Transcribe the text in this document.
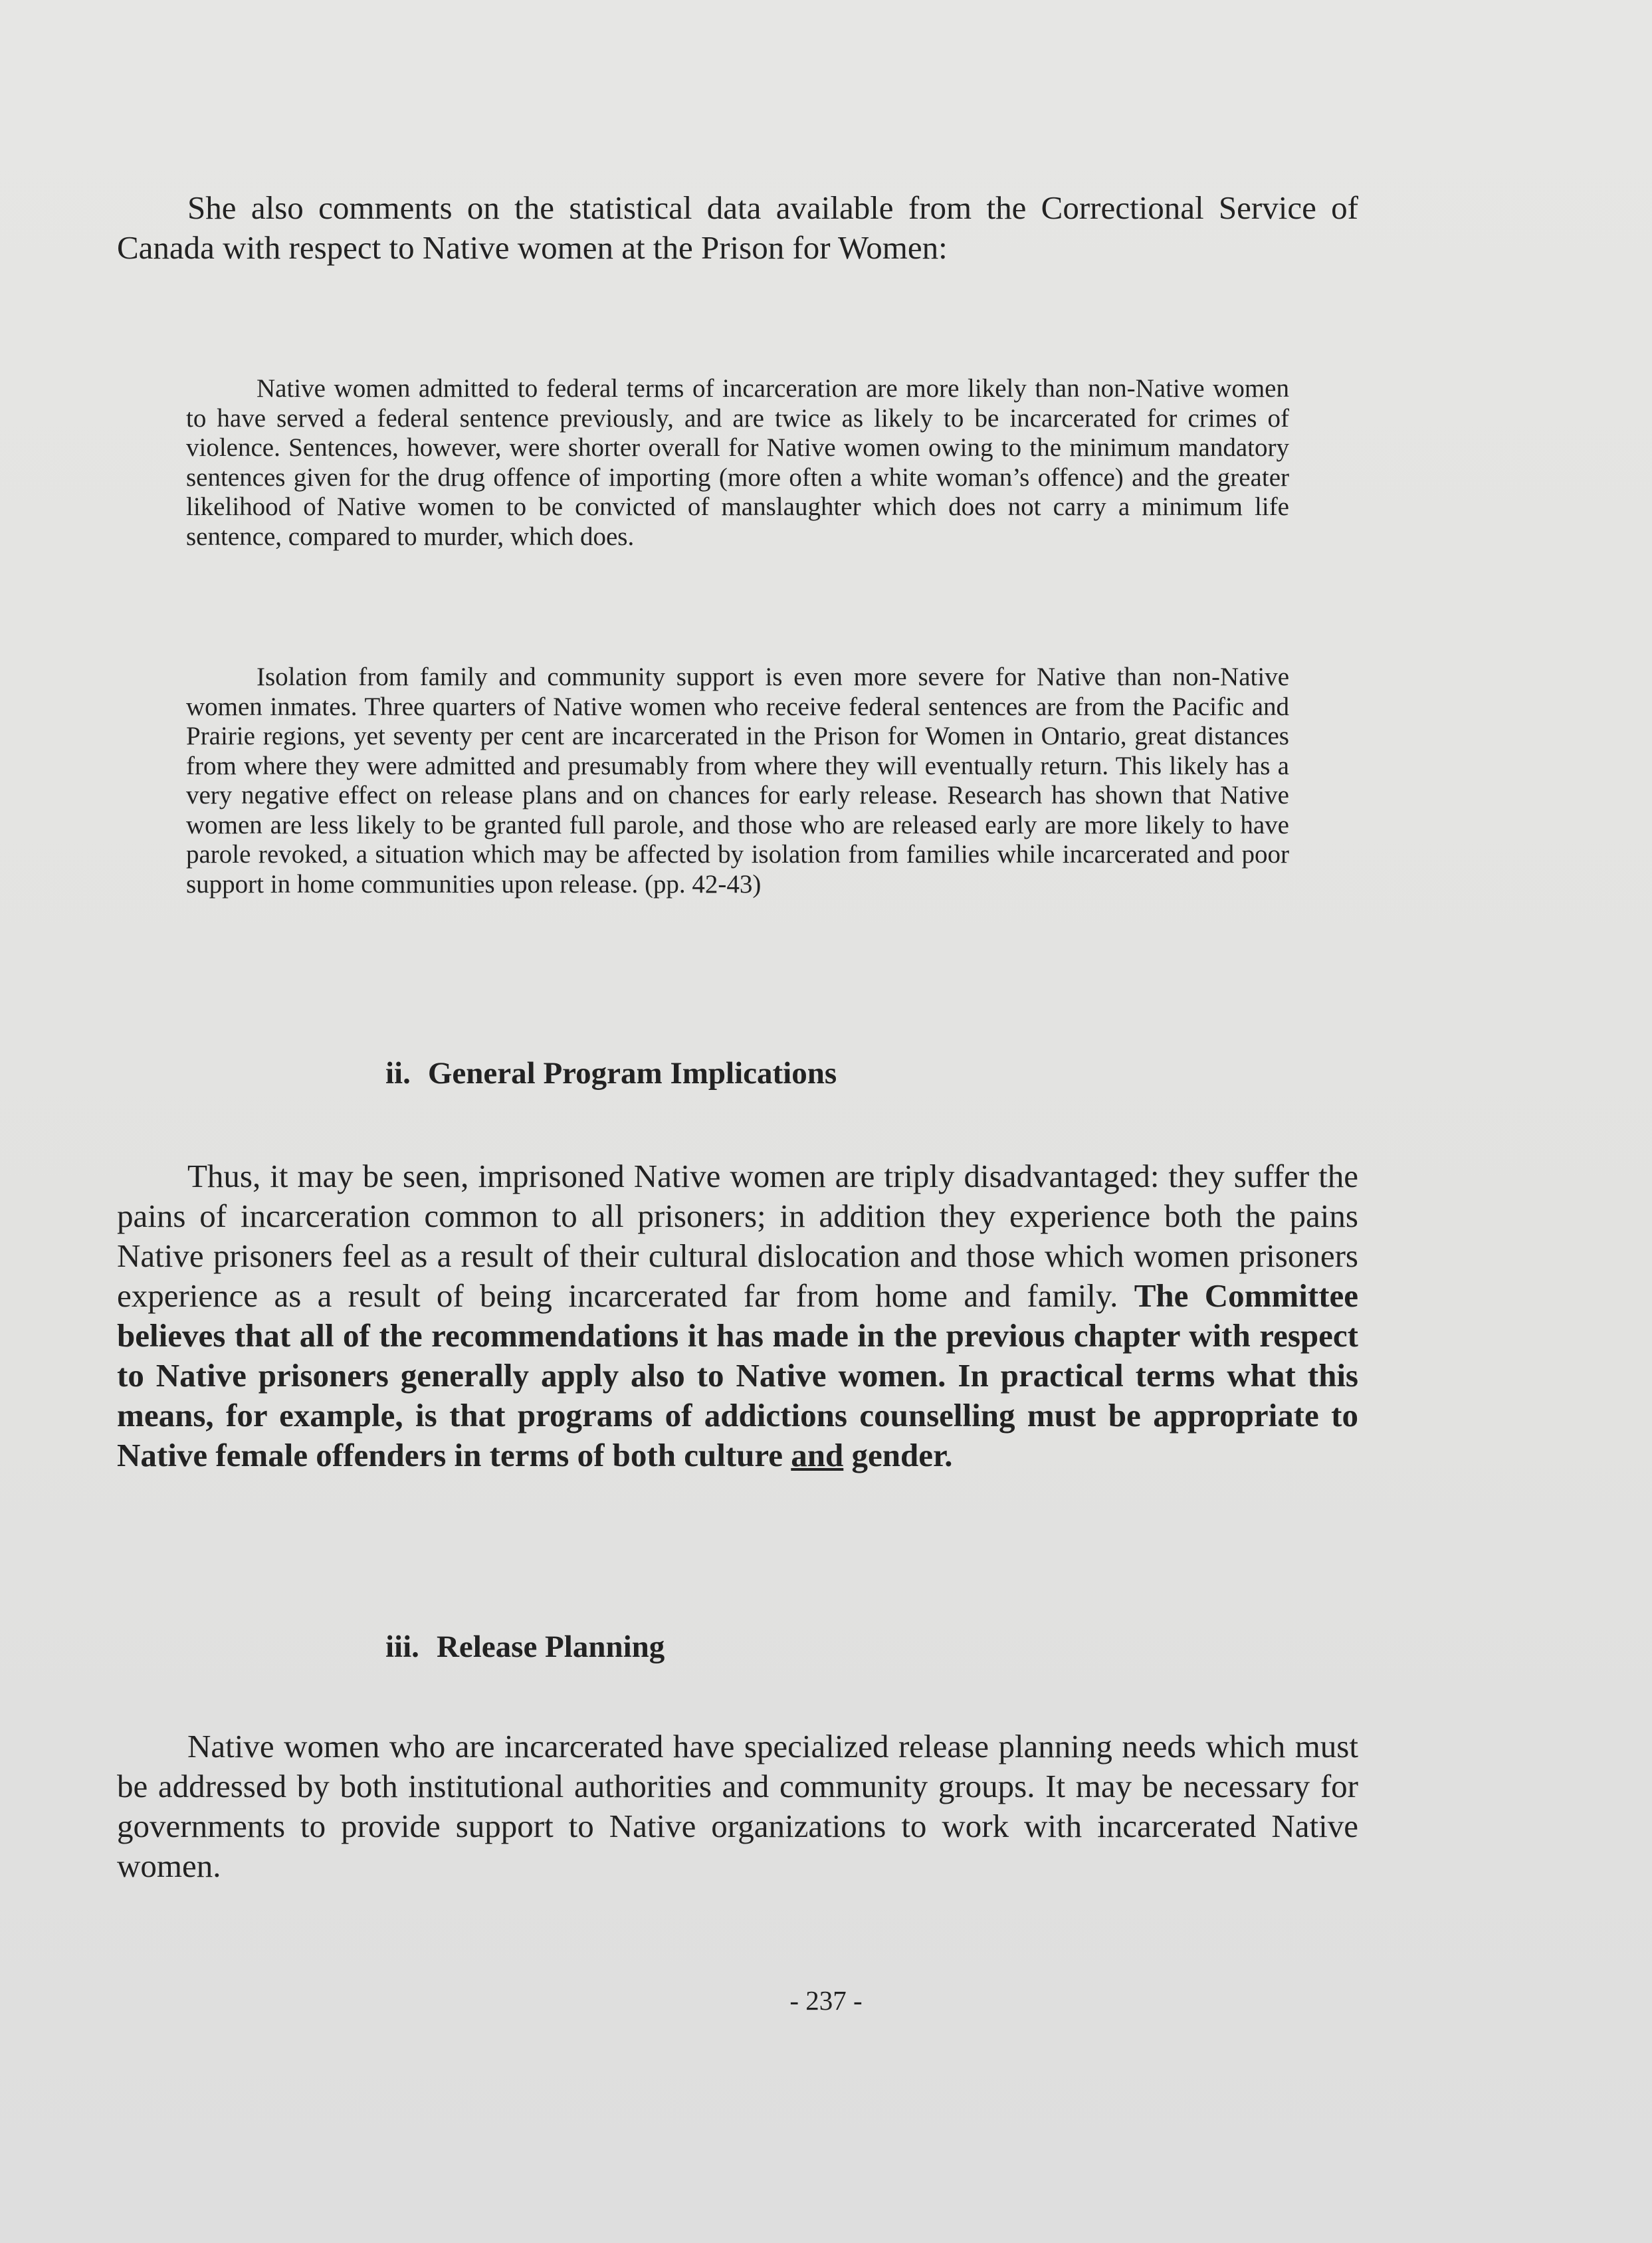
She also comments on the statistical data available from the Correctional Service of Canada with respect to Native women at the Prison for Women:

Native women admitted to federal terms of incarceration are more likely than non-Native women to have served a federal sentence previously, and are twice as likely to be incarcerated for crimes of violence. Sentences, however, were shorter overall for Native women owing to the minimum mandatory sentences given for the drug offence of importing (more often a white woman’s offence) and the greater likelihood of Native women to be convicted of manslaughter which does not carry a minimum life sentence, compared to murder, which does.

Isolation from family and community support is even more severe for Native than non-Native women inmates. Three quarters of Native women who receive federal sentences are from the Pacific and Prairie regions, yet seventy per cent are incarcerated in the Prison for Women in Ontario, great distances from where they were admitted and presumably from where they will eventually return. This likely has a very negative effect on release plans and on chances for early release. Research has shown that Native women are less likely to be granted full parole, and those who are released early are more likely to have parole revoked, a situation which may be affected by isolation from families while incarcerated and poor support in home communities upon release. (pp. 42-43)

ii. General Program Implications

Thus, it may be seen, imprisoned Native women are triply disadvantaged: they suffer the pains of incarceration common to all prisoners; in addition they experience both the pains Native prisoners feel as a result of their cultural dislocation and those which women prisoners experience as a result of being incarcerated far from home and family. The Committee believes that all of the recommendations it has made in the previous chapter with respect to Native prisoners generally apply also to Native women. In practical terms what this means, for example, is that programs of addictions counselling must be appropriate to Native female offenders in terms of both culture and gender.

iii. Release Planning

Native women who are incarcerated have specialized release planning needs which must be addressed by both institutional authorities and community groups. It may be necessary for governments to provide support to Native organizations to work with incarcerated Native women.

- 237 -
